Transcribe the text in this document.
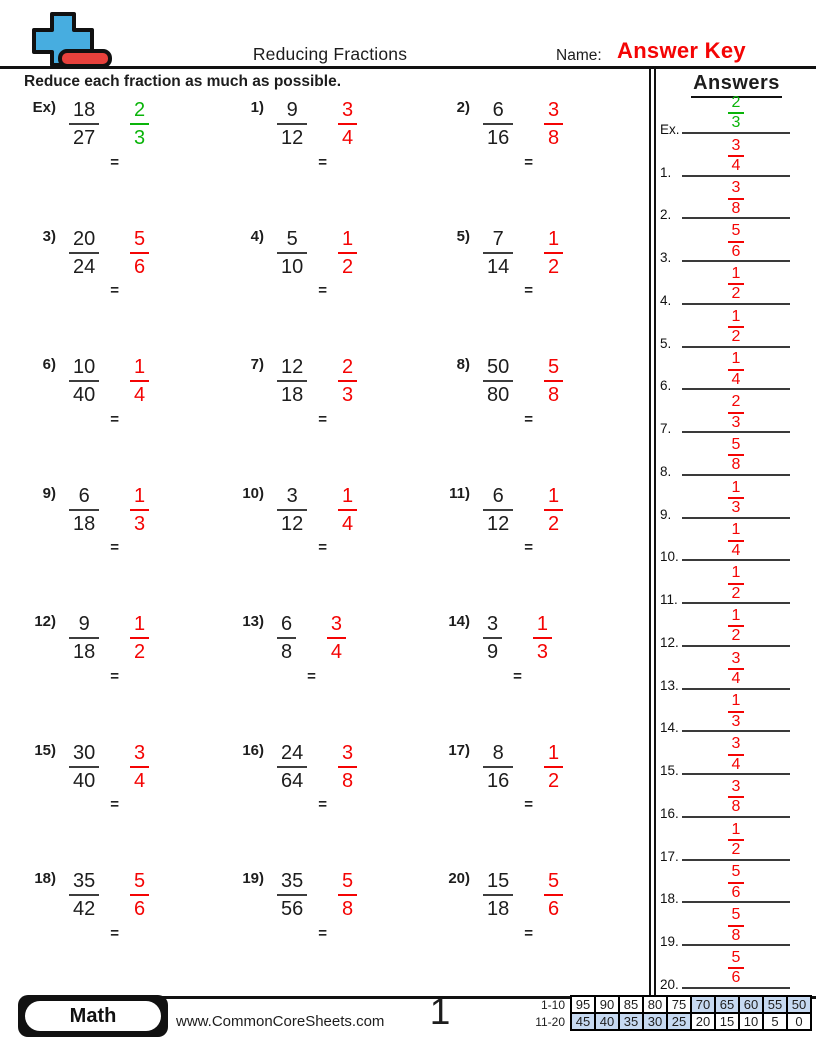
Reducing Fractions	Name: Answer Key
Reduce each fraction as much as possible.
$Ex) \frac{18}{27}$
=
$\frac{2}{3}$	$1) \frac{9}{12}$
=
$\frac{3}{4}$	$2) \frac{6}{16}$
=
$\frac{3}{8}$
$3) \frac{20}{24}$
=
$\frac{5}{6}$	$4) \frac{5}{10}$
=
$\frac{1}{2}$	$5) \frac{7}{14}$
=
$\frac{1}{2}$
$6) \frac{10}{40}$
=
$\frac{1}{4}$	$7) \frac{12}{18}$
=
$\frac{2}{3}$	$8) \frac{50}{80}$
=
$\frac{5}{8}$
$9) \frac{6}{18}$
=
$\frac{1}{3}$	$10) \frac{3}{12}$
=
$\frac{1}{4}$	$11) \frac{6}{12}$
=
$\frac{1}{2}$
$12) \frac{9}{18}$
=
$\frac{1}{2}$	$13) \frac{6}{8}$
=
$\frac{3}{4}$	$14) \frac{3}{9}$
=
$\frac{1}{3}$
$15) \frac{30}{40}$
=
$\frac{3}{4}$	$16) \frac{24}{64}$
=
$\frac{3}{8}$	$17) \frac{8}{16}$
=
$\frac{1}{2}$
$18) \frac{35}{42}$
=
$\frac{5}{6}$	$19) \frac{35}{56}$
=
$\frac{5}{8}$	$20) \frac{15}{18}$
=
$\frac{5}{6}$
Answers
Ex.	$\frac{2}{3}$
1.	$\frac{3}{4}$
2.	$\frac{3}{8}$
3.	$\frac{5}{6}$
4.	$\frac{1}{2}$
5.	$\frac{1}{2}$
6.	$\frac{1}{4}$
7.	$\frac{2}{3}$
8.	$\frac{5}{8}$
9.	$\frac{1}{3}$
10.	$\frac{1}{4}$
11.	$\frac{1}{2}$
12.	$\frac{1}{2}$
13.	$\frac{3}{4}$
14.	$\frac{1}{3}$
15.	$\frac{3}{4}$
16.	$\frac{3}{8}$
17.	$\frac{1}{2}$
18.	$\frac{5}{6}$
19.	$\frac{5}{8}$
20.	$\frac{5}{6}$
Math	www.CommonCoreSheets.com	1	1-10	95	90	85	80	75	70	65	60	55	50
11-20	45	40	35	30	25	20	15	10	5	0
